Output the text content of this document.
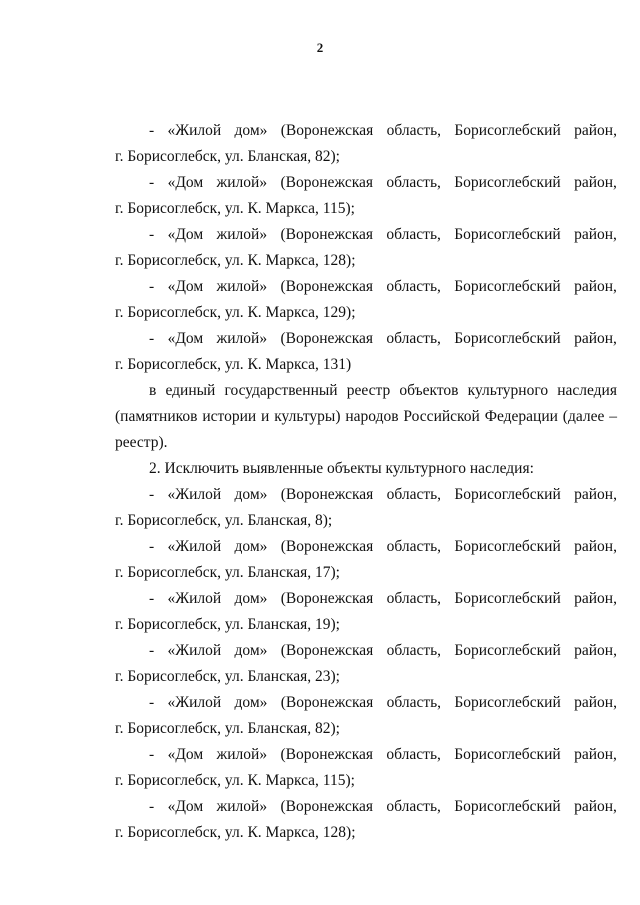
2
- «Жилой дом» (Воронежская область, Борисоглебский район,
г. Борисоглебск, ул. Бланская, 82);
- «Дом жилой» (Воронежская область, Борисоглебский район,
г. Борисоглебск, ул. К. Маркса, 115);
- «Дом жилой» (Воронежская область, Борисоглебский район,
г. Борисоглебск, ул. К. Маркса, 128);
- «Дом жилой» (Воронежская область, Борисоглебский район,
г. Борисоглебск, ул. К. Маркса, 129);
- «Дом жилой» (Воронежская область, Борисоглебский район,
г. Борисоглебск, ул. К. Маркса, 131)
в единый государственный реестр объектов культурного наследия (памятников истории и культуры) народов Российской Федерации (далее – реестр).
2. Исключить выявленные объекты культурного наследия:
- «Жилой дом» (Воронежская область, Борисоглебский район,
г. Борисоглебск, ул. Бланская, 8);
- «Жилой дом» (Воронежская область, Борисоглебский район,
г. Борисоглебск, ул. Бланская, 17);
- «Жилой дом» (Воронежская область, Борисоглебский район,
г. Борисоглебск, ул. Бланская, 19);
- «Жилой дом» (Воронежская область, Борисоглебский район,
г. Борисоглебск, ул. Бланская, 23);
- «Жилой дом» (Воронежская область, Борисоглебский район,
г. Борисоглебск, ул. Бланская, 82);
- «Дом жилой» (Воронежская область, Борисоглебский район,
г. Борисоглебск, ул. К. Маркса, 115);
- «Дом жилой» (Воронежская область, Борисоглебский район,
г. Борисоглебск, ул. К. Маркса, 128);
